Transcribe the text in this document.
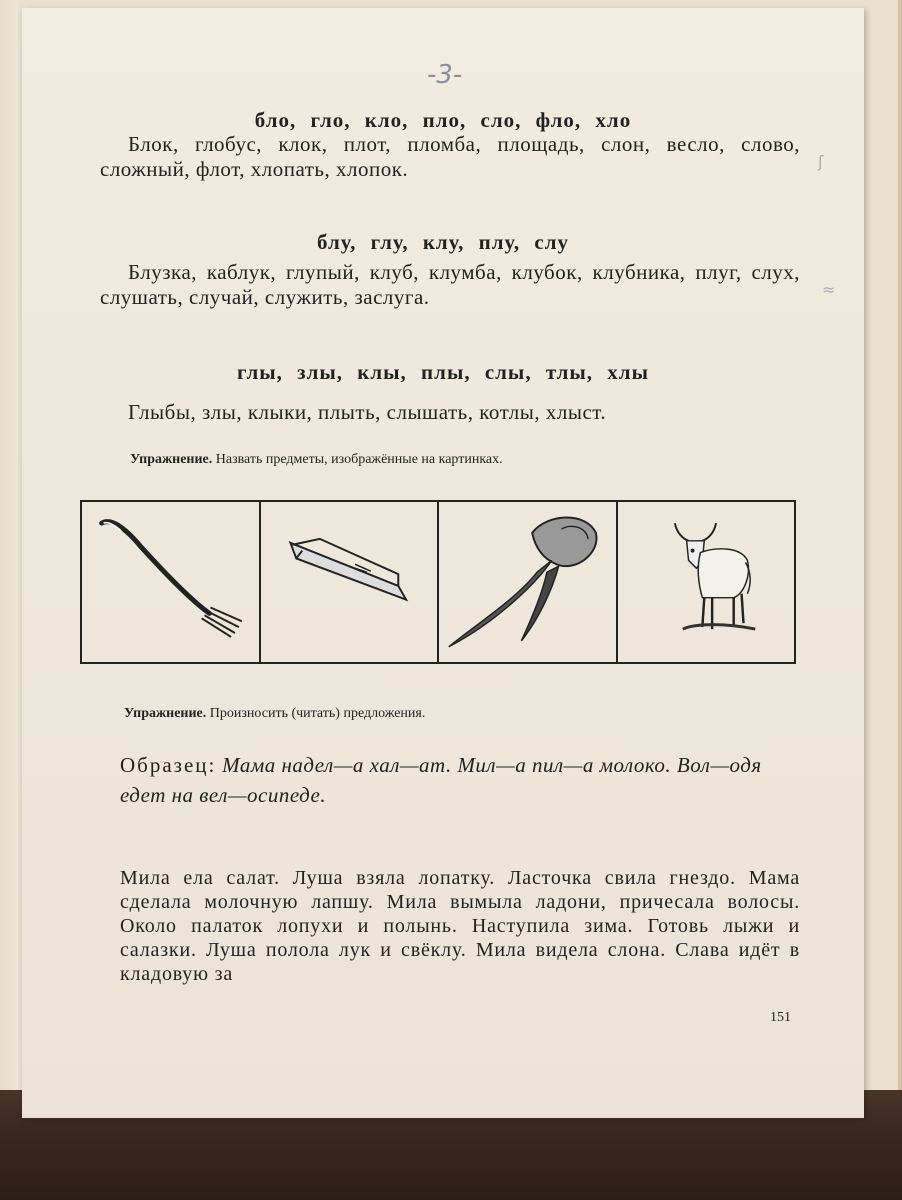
-3-
бло, гло, кло, пло, сло, фло, хло
Блок, глобус, клок, плот, пломба, площадь, слон, весло, слово, сложный, флот, хлопать, хлопок.
блу, глу, клу, плу, слу
Блузка, каблук, глупый, клуб, клумба, клубок, клубника, плуг, слух, слушать, случай, служить, заслуга.
глы, злы, клы, плы, слы, тлы, хлы
Глыбы, злы, клыки, плыть, слышать, котлы, хлыст.
Упражнение. Назвать предметы, изображённые на картинках.
Упражнение. Произносить (читать) предложения.
Образец: Мама надел—а хал—ат. Мил—а пил—а молоко. Вол—одя едет на вел—осипеде.
Мила ела салат. Луша взяла лопатку. Ласточка свила гнездо. Мама сделала молочную лапшу. Мила вымыла ладони, причесала волосы. Около палаток лопухи и полынь. Наступила зима. Готовь лыжи и салазки. Луша полола лук и свёклу. Мила видела слона. Слава идёт в кладовую за
151
ʃ
≈
